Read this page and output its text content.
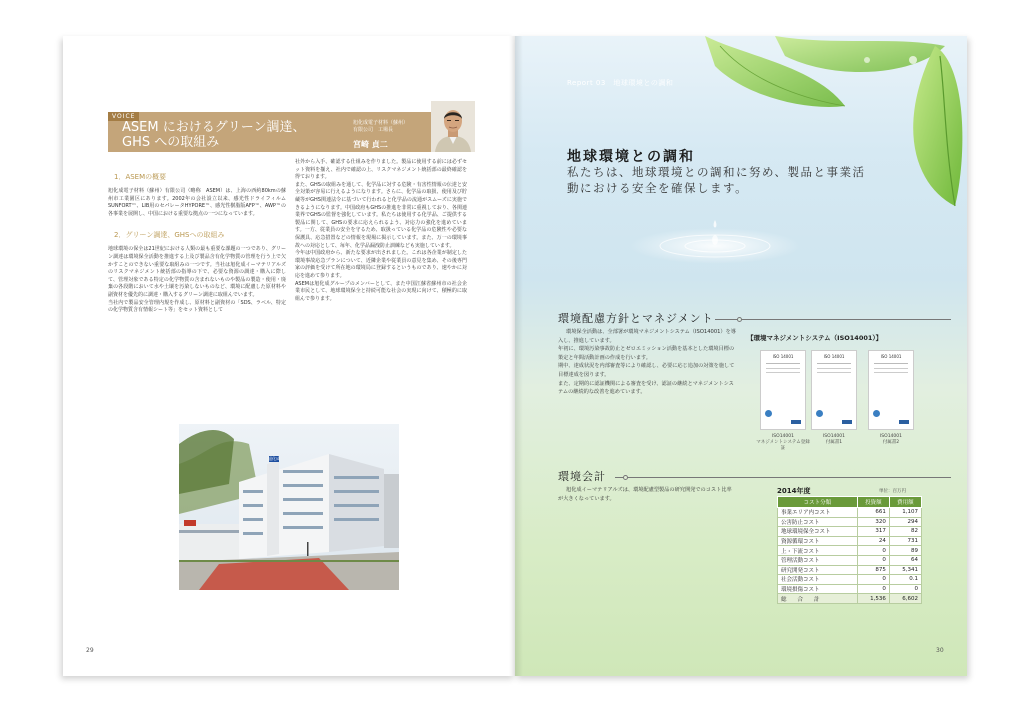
VOICE
ASEM におけるグリーン調達、
GHS への取組み
旭化成電子材料（蘇州）
有限公司　工場長
宮崎 貞二
1．ASEMの概要
旭化成電子材料（蘇州）有限公司（略称　ASEM）は、上海の西約80kmの蘇州市工業園区にあります。2002年の会社設立以来、感光性ドライフィルムSUNFORT™、LIB用のセパレータHYPORE™、感光性樹脂版AFP™、AWP™の各事業を展開し、中国における重要な拠点の一つになっています。
2．グリーン調達、GHSへの取組み
地球環境の保全は21世紀における人類の最も重要な課題の一つであり、グリーン調達は環境保全活動を推進する上及び製品含有化学物質の管理を行う上で欠かすことのできない重要な取組みの一つです。当社は旭化成イーマテリアルズのリスクマネジメント統括部の指導の下で、必要な資源の調達・購入に際して、管理対象である特定の化学物質の含まれないものや製品の製造・使用・廃棄の各段階において水や土壌を汚染しないものなど、環境に配慮した原材料や副資材を優先的に調達・購入するグリーン調達に取組んでいます。
当社内で製品安全管理内規を作成し、原材料と副資材の「SDS、ラベル、特定の化学物質含有情報シート等」をセット資料として
社外から入手、確認する仕組みを作りました。製品に使用する前には必ずセット資料を揃え、社内で確認の上、リスクマネジメント統括部の最終確認を得ております。
また、GHSの取組みを通して、化学品に対する危険・有害性情報の伝達と安全対策が容易に行えるようになります。さらに、化学品の取扱、使用及び貯蔵等がGHS関連法令に基づいて行われると化学品の流通がスムーズに実施できるようになります。中国政府もGHSの推進を非常に重視しており、各関連業界でGHSの監督を強化しています。私たちは使用する化学品、ご提供する製品に関して、GHSの要求に応えられるよう、対応力の強化を進めています。一方、従業員の安全を守るため、取扱っている化学品の危険性や必要な保護具、応急措置などの情報を現場に掲示しています。また、万一の環境事故への対応として、毎年、化学品漏洩防止訓練なども実施しています。
今年は中国政府から、新たな要求が出されました。これは各企業が制定した環境事故応急プランについて、近隣企業や従業員の意見を集め、その後専門家の評価を受けて所在地の環境局に登録するというものであり、速やかに対応を進めて参ります。
ASEMは旭化成グループのメンバーとして、また中国江蘇省蘇州市の社会企業市民として、地球環境保全と持続可能な社会の実現に向けて、積極的に取組んで参ります。
旭化成
29
Report 03　地球環境との調和
地球環境との調和
私たちは、地球環境との調和に努め、製品と事業活動における安全を確保します。
環境配慮方針とマネジメント
環境保全活動は、全部署が環境マネジメントシステム（ISO14001）を導入し、推進しています。
年初に、環境汚染事故防止とゼロエミッション活動を基本とした環境目標の策定と年間活動計画の作成を行います。
期中、達成状況を内部審査等により確認し、必要に応じ追加の対策を施して目標達成を図ります。
また、定期的に認証機関による審査を受け、認証の継続とマネジメントシステムの継続的な改善を進めています。
【環境マネジメントシステム（ISO14001）】
ISO 14001	ISO 14001	ISO 14001
ISO14001
マネジメントシステム登録証
ISO14001
付属書1
ISO14001
付属書2
環境会計
旭化成イーマテリアルズは、環境配慮型製品の研究開発でのコスト比率が大きくなっています。
2014年度	単位：百万円
コスト分類	投資額	費用額
事業エリア内コスト	661	1,107
公害防止コスト	320	294
地球環境保全コスト	317	82
資源循環コスト	24	731
上・下流コスト	0	89
管理活動コスト	0	64
研究開発コスト	875	5,341
社会活動コスト	0	0.1
環境損傷コスト	0	0
総　　合　　計	1,536	6,602
30
